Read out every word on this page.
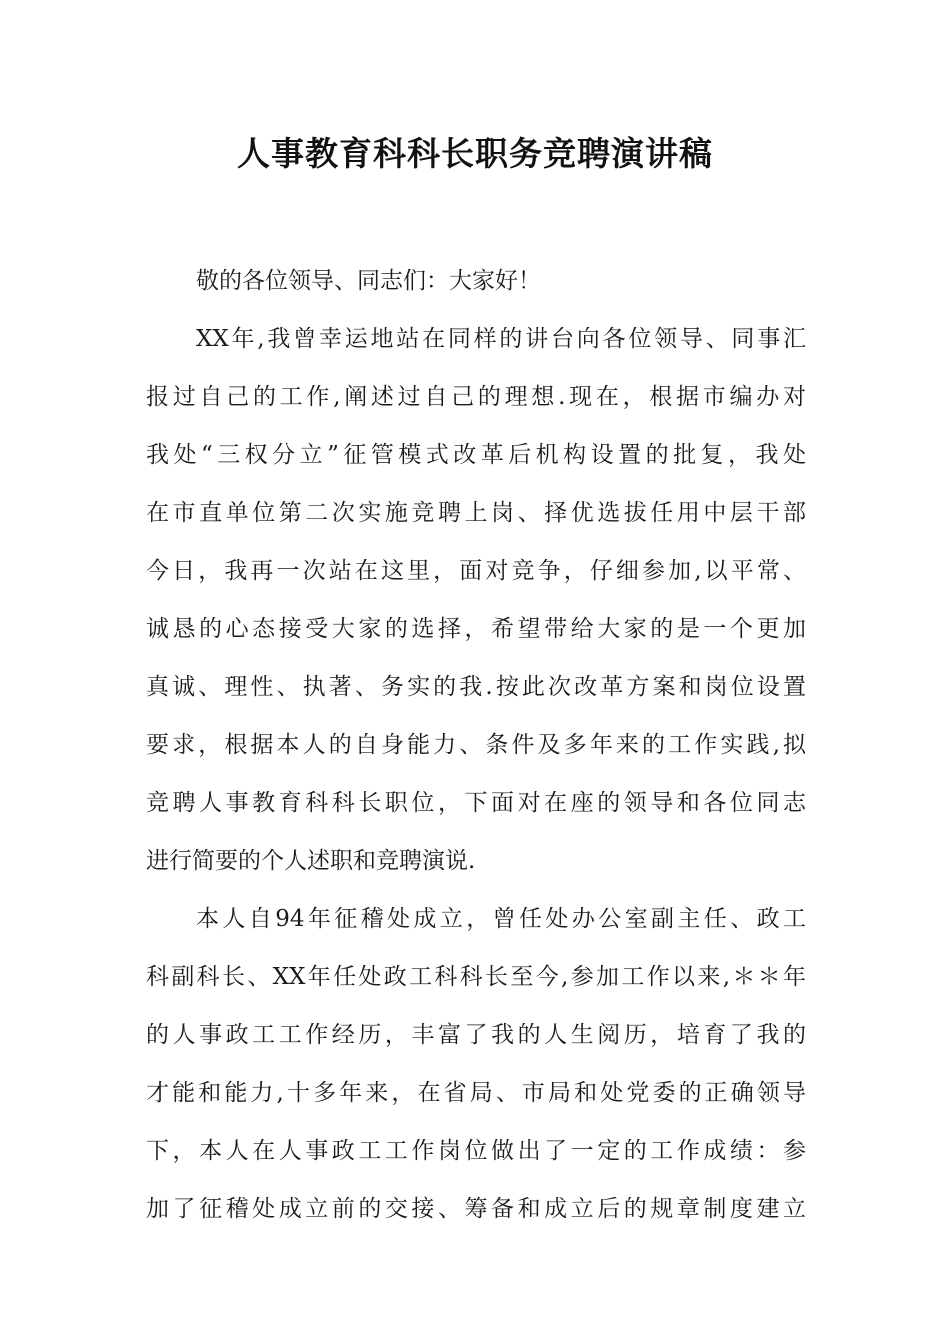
人事教育科科长职务竞聘演讲稿
敬的各位领导、同志们：大家好！
XX年,我曾幸运地站在同样的讲台向各位领导、同事汇
报过自己的工作,阐述过自己的理想.现在，根据市编办对
我处“三权分立”征管模式改革后机构设置的批复，我处
在市直单位第二次实施竞聘上岗、择优选拔任用中层干部
今日，我再一次站在这里，面对竞争，仔细参加,以平常、
诚恳的心态接受大家的选择，希望带给大家的是一个更加
真诚、理性、执著、务实的我.按此次改革方案和岗位设置
要求，根据本人的自身能力、条件及多年来的工作实践,拟
竞聘人事教育科科长职位，下面对在座的领导和各位同志
进行简要的个人述职和竞聘演说.
本人自94年征稽处成立，曾任处办公室副主任、政工
科副科长、XX年任处政工科科长至今,参加工作以来,＊＊年
的人事政工工作经历，丰富了我的人生阅历，培育了我的
才能和能力,十多年来，在省局、市局和处党委的正确领导
下，本人在人事政工工作岗位做出了一定的工作成绩：参
加了征稽处成立前的交接、筹备和成立后的规章制度建立
